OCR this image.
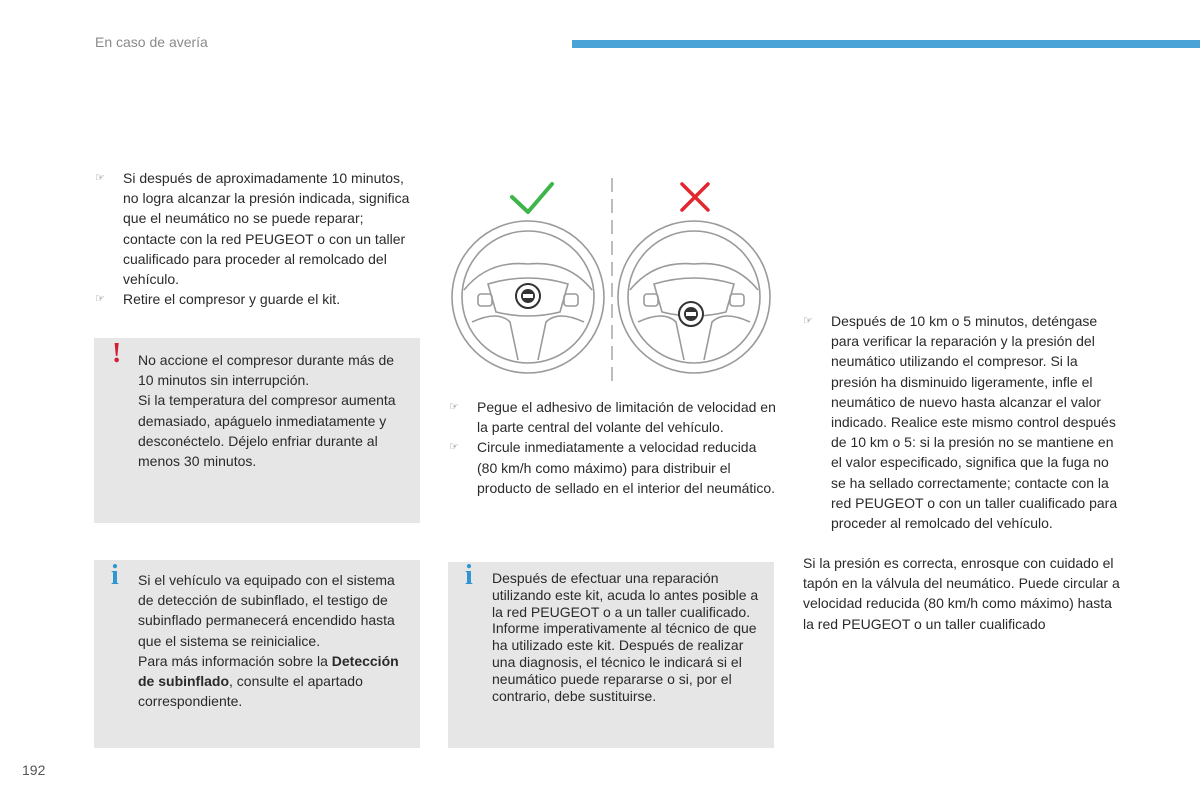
En caso de avería
☞ Si después de aproximadamente 10 minutos, no logra alcanzar la presión indicada, significa que el neumático no se puede reparar; contacte con la red PEUGEOT o con un taller cualificado para proceder al remolcado del vehículo.
☞ Retire el compresor y guarde el kit.
! No accione el compresor durante más de 10 minutos sin interrupción.

Si la temperatura del compresor aumenta demasiado, apáguelo inmediatamente y desconéctelo. Déjelo enfriar durante al menos 30 minutos.

i Si el vehículo va equipado con el sistema de detección de subinflado, el testigo de subinflado permanecerá encendido hasta que el sistema se reinicialice.

Para más información sobre la Detección de subinflado, consulte el apartado correspondiente.

☞ Pegue el adhesivo de limitación de velocidad en la parte central del volante del vehículo.
☞ Circule inmediatamente a velocidad reducida (80 km/h como máximo) para distribuir el producto de sellado en el interior del neumático.
i Después de efectuar una reparación utilizando este kit, acuda lo antes posible a la red PEUGEOT o a un taller cualificado.

Informe imperativamente al técnico de que ha utilizado este kit. Después de realizar una diagnosis, el técnico le indicará si el neumático puede repararse o si, por el contrario, debe sustituirse.

☞ Después de 10 km o 5 minutos, deténgase para verificar la reparación y la presión del neumático utilizando el compresor. Si la presión ha disminuido ligeramente, infle el neumático de nuevo hasta alcanzar el valor indicado. Realice este mismo control después de 10 km o 5: si la presión no se mantiene en el valor especificado, significa que la fuga no se ha sellado correctamente; contacte con la red PEUGEOT o con un taller cualificado para proceder al remolcado del vehículo.

Si la presión es correcta, enrosque con cuidado el tapón en la válvula del neumático. Puede circular a velocidad reducida (80 km/h como máximo) hasta la red PEUGEOT o un taller cualificado

192
